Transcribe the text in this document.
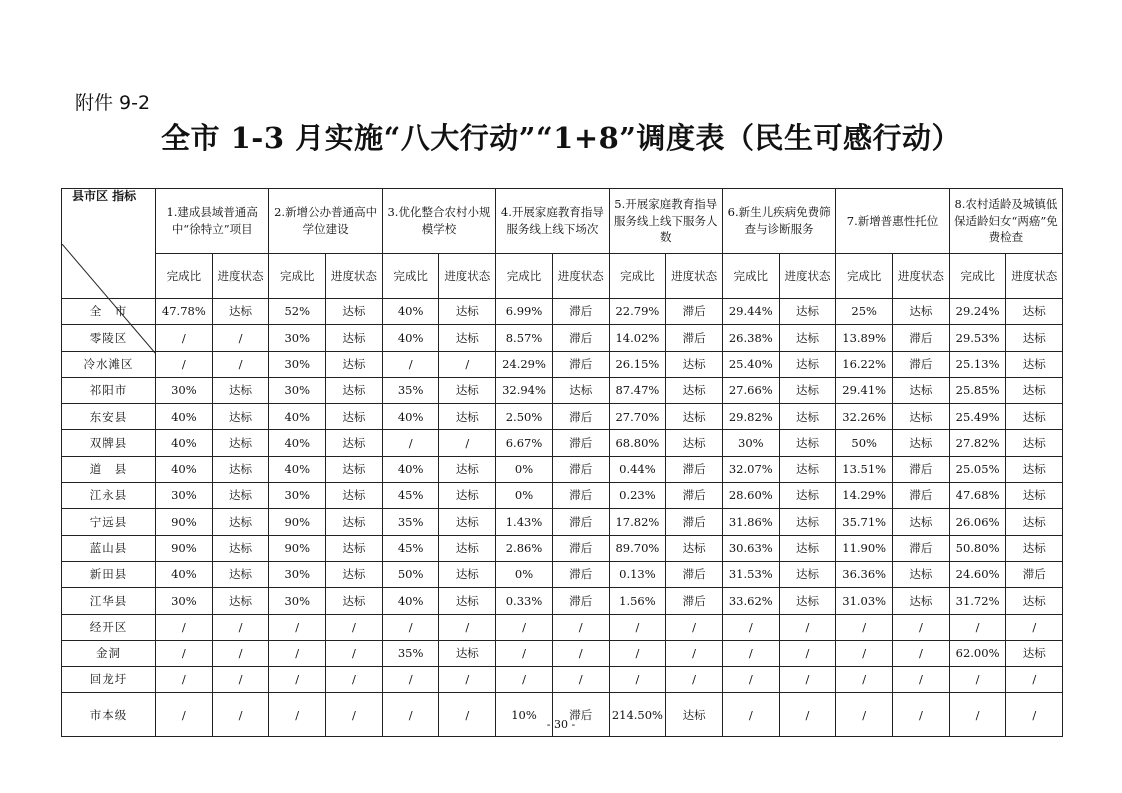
附件 9-2
全市 1-3 月实施“八大行动”“1+8”调度表（民生可感行动）
县市区 指标	1.建成县域普通高中“徐特立”项目		2.新增公办普通高中学位建设		3.优化整合农村小规模学校		4.开展家庭教育指导服务线上线下场次		5.开展家庭教育指导服务线上线下服务人数		6.新生儿疾病免费筛查与诊断服务		7.新增普惠性托位		8.农村适龄及城镇低保适龄妇女“两癌”免费检查	
	完成比	进度状态	完成比	进度状态	完成比	进度状态	完成比	进度状态	完成比	进度状态	完成比	进度状态	完成比	进度状态	完成比	进度状态
全　市	47.78%	达标	52%	达标	40%	达标	6.99%	滞后	22.79%	滞后	29.44%	达标	25%	达标	29.24%	达标
零陵区	/	/	30%	达标	40%	达标	8.57%	滞后	14.02%	滞后	26.38%	达标	13.89%	滞后	29.53%	达标
冷水滩区	/	/	30%	达标	/	/	24.29%	滞后	26.15%	达标	25.40%	达标	16.22%	滞后	25.13%	达标
祁阳市	30%	达标	30%	达标	35%	达标	32.94%	达标	87.47%	达标	27.66%	达标	29.41%	达标	25.85%	达标
东安县	40%	达标	40%	达标	40%	达标	2.50%	滞后	27.70%	达标	29.82%	达标	32.26%	达标	25.49%	达标
双牌县	40%	达标	40%	达标	/	/	6.67%	滞后	68.80%	达标	30%	达标	50%	达标	27.82%	达标
道　县	40%	达标	40%	达标	40%	达标	0%	滞后	0.44%	滞后	32.07%	达标	13.51%	滞后	25.05%	达标
江永县	30%	达标	30%	达标	45%	达标	0%	滞后	0.23%	滞后	28.60%	达标	14.29%	滞后	47.68%	达标
宁远县	90%	达标	90%	达标	35%	达标	1.43%	滞后	17.82%	滞后	31.86%	达标	35.71%	达标	26.06%	达标
蓝山县	90%	达标	90%	达标	45%	达标	2.86%	滞后	89.70%	达标	30.63%	达标	11.90%	滞后	50.80%	达标
新田县	40%	达标	30%	达标	50%	达标	0%	滞后	0.13%	滞后	31.53%	达标	36.36%	达标	24.60%	滞后
江华县	30%	达标	30%	达标	40%	达标	0.33%	滞后	1.56%	滞后	33.62%	达标	31.03%	达标	31.72%	达标
经开区	/	/	/	/	/	/	/	/	/	/	/	/	/	/	/	/
金洞	/	/	/	/	35%	达标	/	/	/	/	/	/	/	/	62.00%	达标
回龙圩	/	/	/	/	/	/	/	/	/	/	/	/	/	/	/	/
市本级	/	/	/	/	/	/	10%	滞后	214.50%	达标	/	/	/	/	/	/
- 30 -
